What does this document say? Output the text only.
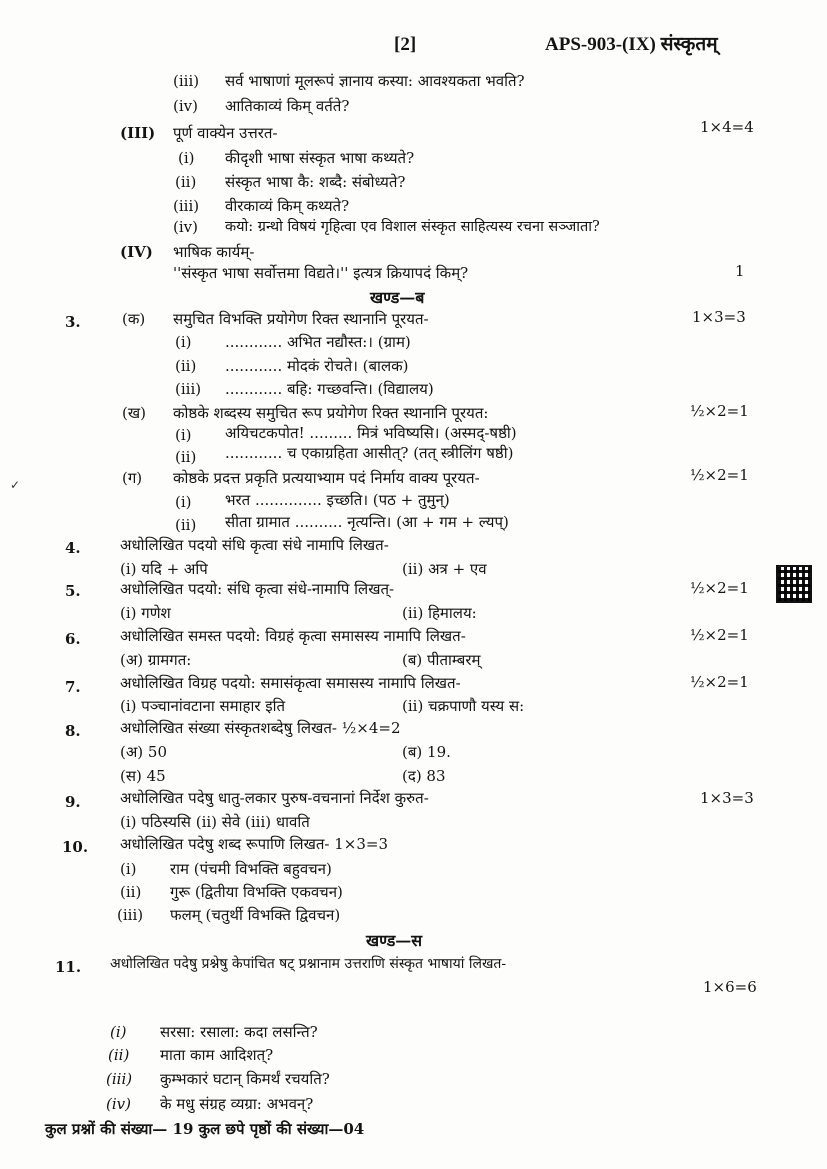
[2]	APS-903-(IX) संस्कृतम्
(iii) सर्व भाषाणां मूलरूपं ज्ञानाय कस्या: आवश्यकता भवति?
(iv) आतिकाव्यं किम् वर्तते?
(III) पूर्ण वाक्येन उत्तरत-	1×4=4
(i) कीदृशी भाषा संस्कृत भाषा कथ्यते?
(ii) संस्कृत भाषा कै: शब्दै: संबोध्यते?
(iii) वीरकाव्यं किम् कथ्यते?
(iv) कयो: ग्रन्थो विषयं गृहित्वा एव विशाल संस्कृत साहित्यस्य रचना सञ्जाता?
(IV) भाषिक कार्यम्-
''संस्कृत भाषा सर्वोत्तमा विद्यते।'' इत्यत्र क्रियापदं किम्?	1
खण्ड—ब
3.	(क) समुचित विभक्ति प्रयोगेण रिक्त स्थानानि पूरयत-	1×3=3
(i) ............ अभित नद्यौस्त:। (ग्राम)
(ii) ............ मोदकं रोचते। (बालक)
(iii) ............ बहि: गच्छवन्ति। (विद्यालय)
(ख) कोष्ठके शब्दस्य समुचित रूप प्रयोगेण रिक्त स्थानानि पूरयत:	½×2=1
(i) अयिचटकपोत! ......... मित्रं भविष्यसि। (अस्मद्-षष्ठी)
(ii) ............ च एकाग्रहिता आसीत्? (तत् स्त्रीलिंग षष्ठी)
(ग) कोष्ठके प्रदत्त प्रकृति प्रत्ययाभ्याम पदं निर्माय वाक्य पूरयत-	½×2=1
(i) भरत .............. इच्छति। (पठ + तुमुन्)
(ii) सीता ग्रामात .......... नृत्यन्ति। (आ + गम + ल्यप्)
4.	अधोलिखित पदयो संधि कृत्वा संधे नामापि लिखत-
(i) यदि + अपि	(ii) अत्र + एव
5.	अधोलिखित पदयो: संधि कृत्वा संधे-नामापि लिखत्-	½×2=1
(i) गणेश	(ii) हिमालय:
6.	अधोलिखित समस्त पदयो: विग्रहं कृत्वा समासस्य नामापि लिखत-	½×2=1
(अ) ग्रामगत:	(ब) पीताम्बरम्
7.	अधोलिखित विग्रह पदयो: समासंकृत्वा समासस्य नामापि लिखत-	½×2=1
(i) पञ्चानांवटाना समाहार इति	(ii) चक्रपाणौ यस्य स:
8.	अधोलिखित संख्या संस्कृतशब्देषु लिखत- ½×4=2
(अ) 50	(ब) 19.
(स) 45	(द) 83
9.	अधोलिखित पदेषु धातु-लकार पुरुष-वचनानां निर्देश कुरुत-	1×3=3
(i) पठिस्यसि (ii) सेवे (iii) धावति
10. अधोलिखित पदेषु शब्द रूपाणि लिखत- 1×3=3
(i) राम (पंचमी विभक्ति बहुवचन)
(ii) गुरू (द्वितीया विभक्ति एकवचन)
(iii) फलम् (चतुर्थी विभक्ति द्विवचन)
खण्ड—स
11. अधोलिखित पदेषु प्रश्नेषु केपांचित षट् प्रश्नानाम उत्तराणि संस्कृत भाषायां लिखत-
1×6=6
(i) सरसा: रसाला: कदा लसन्ति?
(ii) माता काम आदिशत्?
(iii) कुम्भकारं घटान् किमर्थं रचयति?
(iv) के मधु संग्रह व्यग्रा: अभवन्?
कुल प्रश्नों की संख्या— 19 कुल छपे पृष्ठों की संख्या—04
✓
